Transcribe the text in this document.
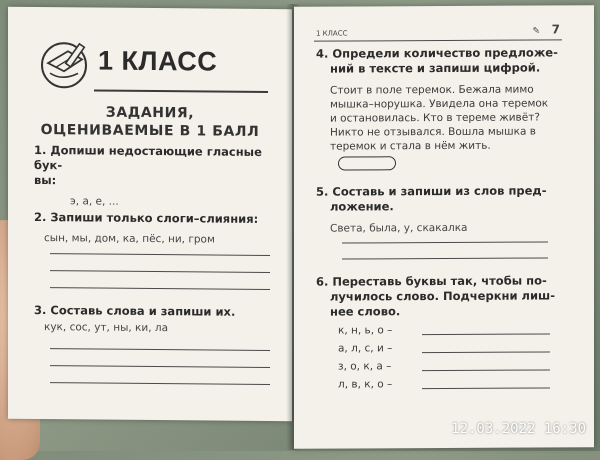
1 КЛАСС
ЗАДАНИЯ,
ОЦЕНИВАЕМЫЕ В 1 БАЛЛ
1. Допиши недостающие гласные бук-
вы:
э, а, е, ...
2. Запиши только слоги–слияния:
сын, мы, дом, ка, пёс, ни, гром
3. Составь слова и запиши их.
кук, сос, ут, ны, ки, ла
1 КЛАСС	✎ 7
4. Определи количество предложе-
ний в тексте и запиши цифрой.
Стоит в поле теремок. Бежала мимо
мышка–норушка. Увидела она теремок
и остановилась. Кто в тереме живёт?
Никто не отзывался. Вошла мышка в
теремок и стала в нём жить.
5. Составь и запиши из слов пред-
ложение.
Света, была, у, скакалка
6. Переставь буквы так, чтобы по-
лучилось слово. Подчеркни лиш-
нее слово.
к, н, ь, о –
а, л, с, и –
з, о, к, а –
л, в, к, о –
12.03.2022 16:30
